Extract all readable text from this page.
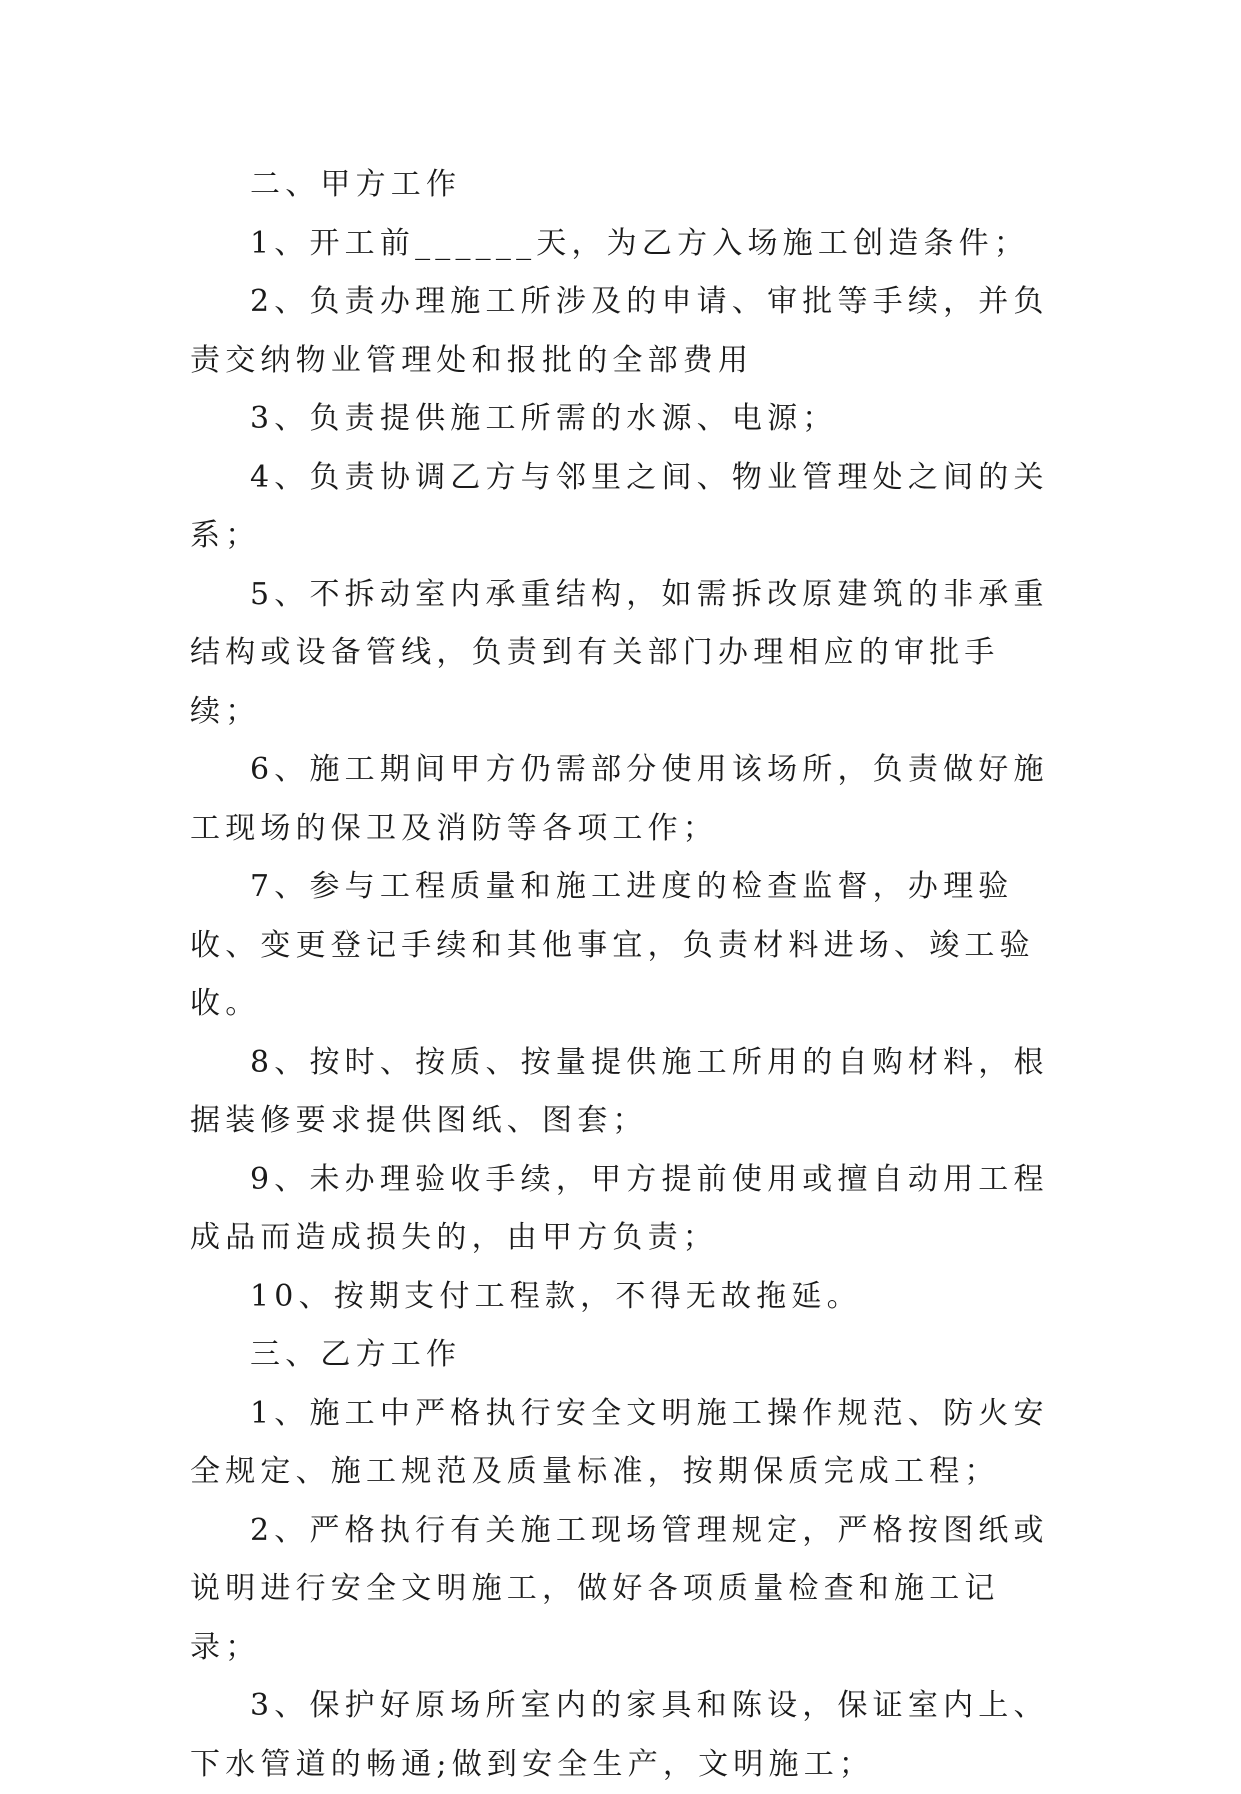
二、甲方工作

1、开工前______天，为乙方入场施工创造条件；

2、负责办理施工所涉及的申请、审批等手续，并负责交纳物业管理处和报批的全部费用

3、负责提供施工所需的水源、电源；

4、负责协调乙方与邻里之间、物业管理处之间的关系；

5、不拆动室内承重结构，如需拆改原建筑的非承重结构或设备管线，负责到有关部门办理相应的审批手续；

6、施工期间甲方仍需部分使用该场所，负责做好施工现场的保卫及消防等各项工作；

7、参与工程质量和施工进度的检查监督，办理验收、变更登记手续和其他事宜，负责材料进场、竣工验收。

8、按时、按质、按量提供施工所用的自购材料，根据装修要求提供图纸、图套；

9、未办理验收手续，甲方提前使用或擅自动用工程成品而造成损失的，由甲方负责；

10、按期支付工程款，不得无故拖延。

三、乙方工作

1、施工中严格执行安全文明施工操作规范、防火安全规定、施工规范及质量标准，按期保质完成工程；

2、严格执行有关施工现场管理规定，严格按图纸或说明进行安全文明施工，做好各项质量检查和施工记录；

3、保护好原场所室内的家具和陈设，保证室内上、下水管道的畅通;做到安全生产，文明施工；
